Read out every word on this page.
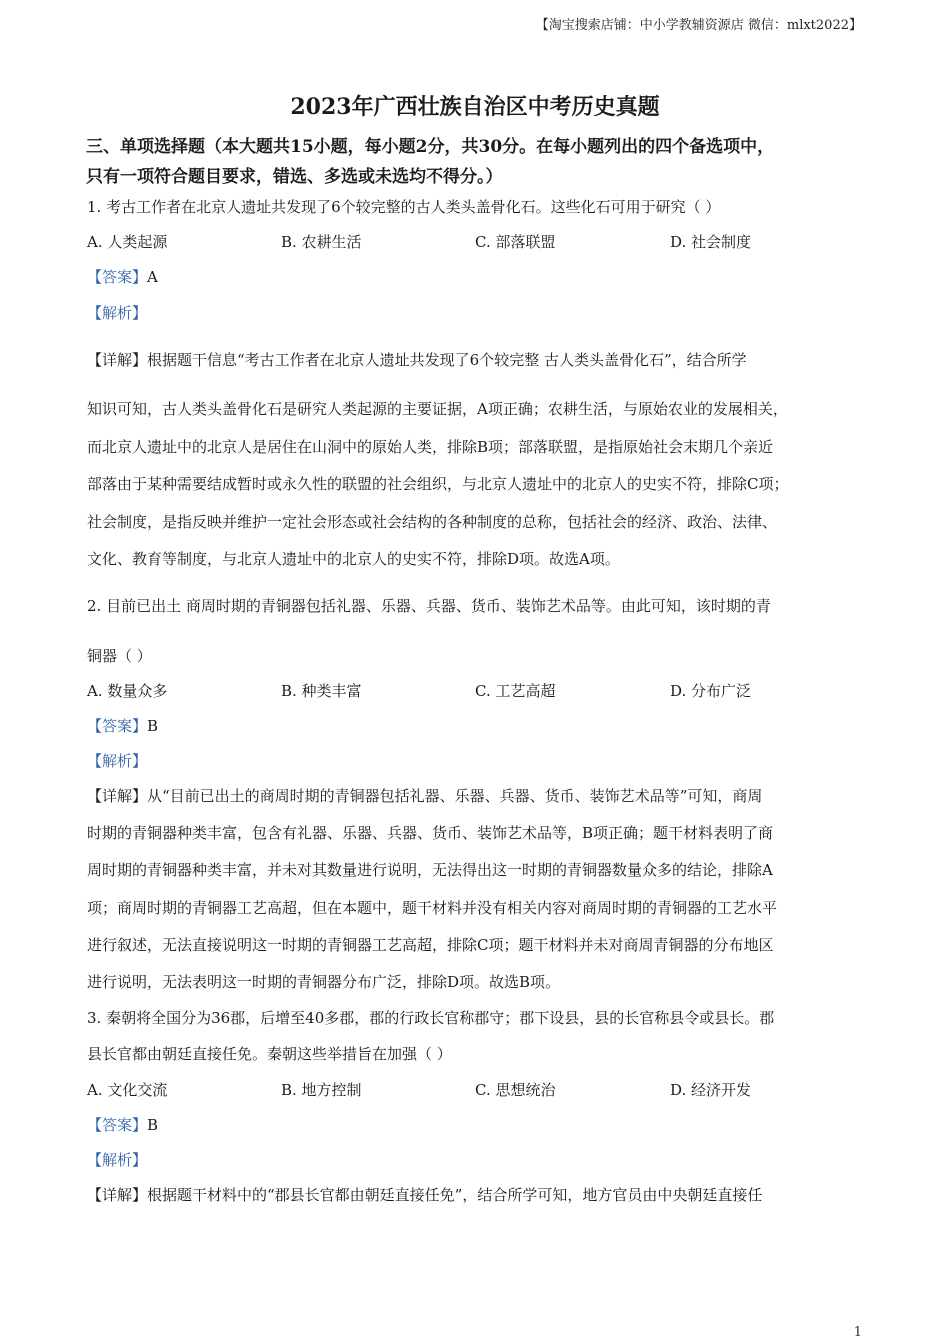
【淘宝搜索店铺：中小学教辅资源店 微信：mlxt2022】
2023年广西壮族自治区中考历史真题
三、单项选择题（本大题共15小题，每小题2分，共30分。在每小题列出的四个备选项中，
只有一项符合题目要求，错选、多选或未选均不得分。）
1. 考古工作者在北京人遗址共发现了6个较完整的古人类头盖骨化石。这些化石可用于研究（ ）
A. 人类起源	B. 农耕生活	C. 部落联盟	D. 社会制度
【答案】A
【解析】
【详解】根据题干信息“考古工作者在北京人遗址共发现了6个较完整 古人类头盖骨化石”，结合所学
知识可知，古人类头盖骨化石是研究人类起源的主要证据，A项正确；农耕生活，与原始农业的发展相关，
而北京人遗址中的北京人是居住在山洞中的原始人类，排除B项；部落联盟，是指原始社会末期几个亲近
部落由于某种需要结成暂时或永久性的联盟的社会组织，与北京人遗址中的北京人的史实不符，排除C项；
社会制度，是指反映并维护一定社会形态或社会结构的各种制度的总称，包括社会的经济、政治、法律、
文化、教育等制度，与北京人遗址中的北京人的史实不符，排除D项。故选A项。
2. 目前已出土 商周时期的青铜器包括礼器、乐器、兵器、货币、装饰艺术品等。由此可知，该时期的青
铜器（ ）
A. 数量众多	B. 种类丰富	C. 工艺高超	D. 分布广泛
【答案】B
【解析】
【详解】从“目前已出土的商周时期的青铜器包括礼器、乐器、兵器、货币、装饰艺术品等”可知，商周
时期的青铜器种类丰富，包含有礼器、乐器、兵器、货币、装饰艺术品等，B项正确；题干材料表明了商
周时期的青铜器种类丰富，并未对其数量进行说明，无法得出这一时期的青铜器数量众多的结论，排除A
项；商周时期的青铜器工艺高超，但在本题中，题干材料并没有相关内容对商周时期的青铜器的工艺水平
进行叙述，无法直接说明这一时期的青铜器工艺高超，排除C项；题干材料并未对商周青铜器的分布地区
进行说明，无法表明这一时期的青铜器分布广泛，排除D项。故选B项。
3. 秦朝将全国分为36郡，后增至40多郡，郡的行政长官称郡守；郡下设县，县的长官称县令或县长。郡
县长官都由朝廷直接任免。秦朝这些举措旨在加强（ ）
A. 文化交流	B. 地方控制	C. 思想统治	D. 经济开发
【答案】B
【解析】
【详解】根据题干材料中的“郡县长官都由朝廷直接任免”，结合所学可知，地方官员由中央朝廷直接任
1
